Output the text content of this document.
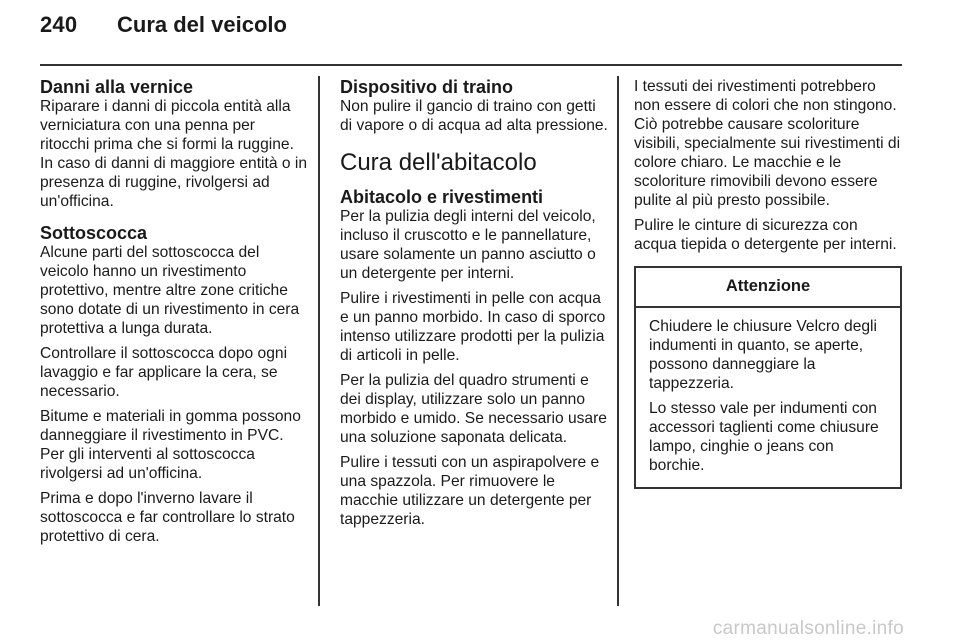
240 Cura del veicolo
Danni alla vernice

Riparare i danni di piccola entità alla verniciatura con una penna per ritocchi prima che si formi la ruggine. In caso di danni di maggiore entità o in presenza di ruggine, rivolgersi ad un'officina.

Sottoscocca

Alcune parti del sottoscocca del veicolo hanno un rivestimento protettivo, mentre altre zone critiche sono dotate di un rivestimento in cera protettiva a lunga durata.

Controllare il sottoscocca dopo ogni lavaggio e far applicare la cera, se necessario.

Bitume e materiali in gomma possono danneggiare il rivestimento in PVC. Per gli interventi al sottoscocca rivolgersi ad un'officina.

Prima e dopo l'inverno lavare il sottoscocca e far controllare lo strato protettivo di cera.

Dispositivo di traino

Non pulire il gancio di traino con getti di vapore o di acqua ad alta pressione.

Cura dell'abitacolo
Abitacolo e rivestimenti

Per la pulizia degli interni del veicolo, incluso il cruscotto e le pannellature, usare solamente un panno asciutto o un detergente per interni.

Pulire i rivestimenti in pelle con acqua e un panno morbido. In caso di sporco intenso utilizzare prodotti per la pulizia di articoli in pelle.

Per la pulizia del quadro strumenti e dei display, utilizzare solo un panno morbido e umido. Se necessario usare una soluzione saponata delicata.

Pulire i tessuti con un aspirapolvere e una spazzola. Per rimuovere le macchie utilizzare un detergente per tappezzeria.

I tessuti dei rivestimenti potrebbero non essere di colori che non stingono. Ciò potrebbe causare scoloriture visibili, specialmente sui rivestimenti di colore chiaro. Le macchie e le scoloriture rimovibili devono essere pulite al più presto possibile.

Pulire le cinture di sicurezza con acqua tiepida o detergente per interni.

Attenzione

Chiudere le chiusure Velcro degli indumenti in quanto, se aperte, possono danneggiare la tappezzeria.

Lo stesso vale per indumenti con accessori taglienti come chiusure lampo, cinghie o jeans con borchie.

carmanualsonline.info
